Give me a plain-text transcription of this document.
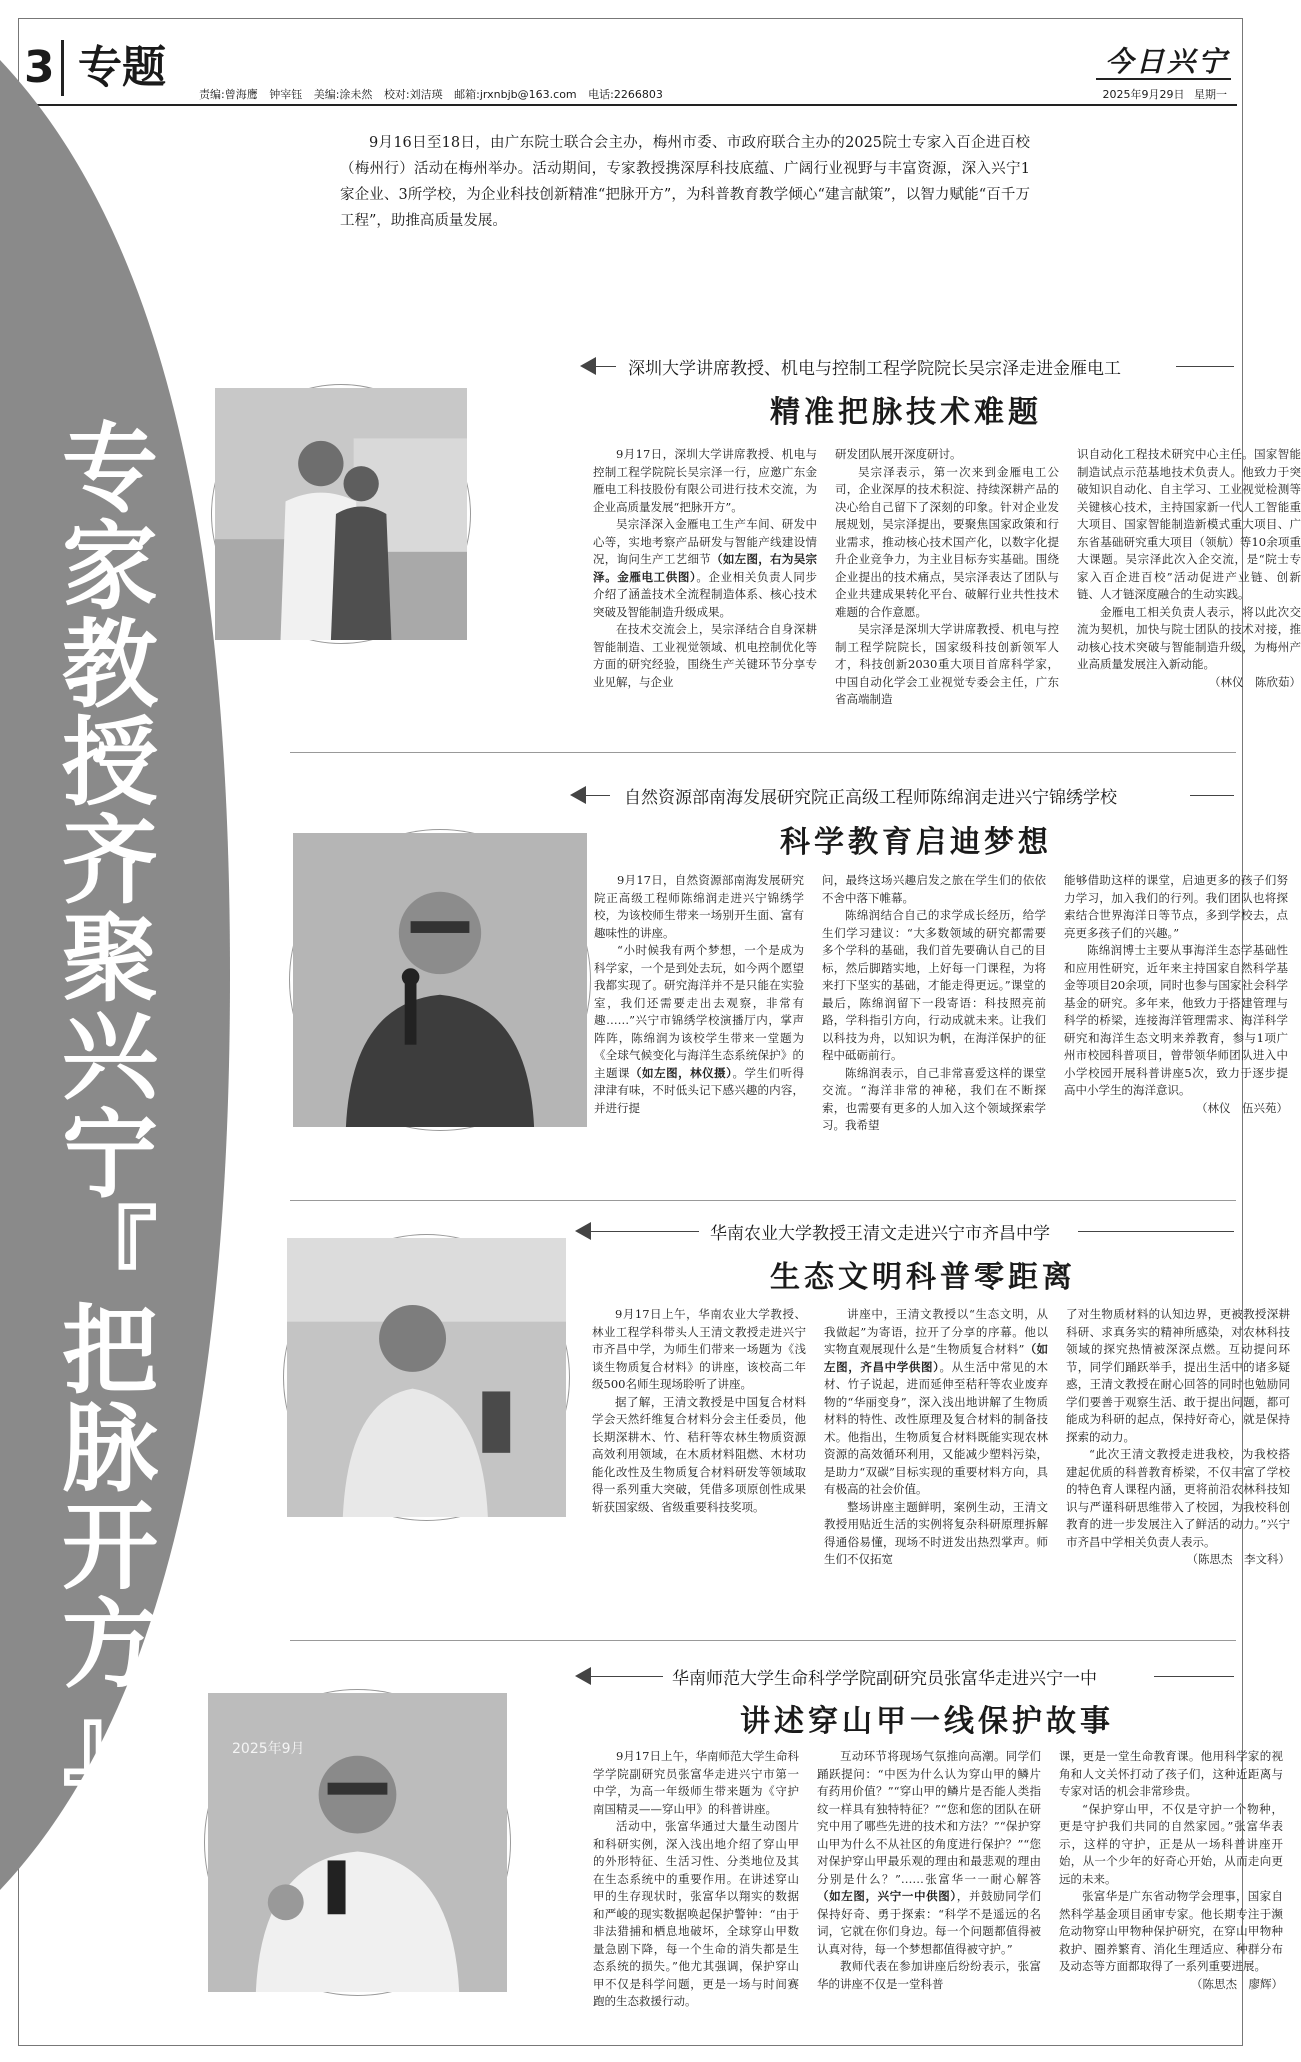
3 专题
责编:曾海鹰 钟宰钰 美编:涂未然 校对:刘洁瑛 邮箱:jrxnbjb@163.com 电话:2266803
今日兴宁
2025年9月29日 星期一
专
家
教
授
齐
聚
兴
宁
『
把
脉
开
方
』

9月16日至18日，由广东院士联合会主办，梅州市委、市政府联合主办的2025院士专家入百企进百校（梅州行）活动在梅州举办。活动期间，专家教授携深厚科技底蕴、广阔行业视野与丰富资源，深入兴宁1家企业、3所学校，为企业科技创新精准“把脉开方”，为科普教育教学倾心“建言献策”，以智力赋能“百千万工程”，助推高质量发展。

深圳大学讲席教授、机电与控制工程学院院长吴宗泽走进金雁电工
精准把脉技术难题

9月17日，深圳大学讲席教授、机电与控制工程学院院长吴宗泽一行，应邀广东金雁电工科技股份有限公司进行技术交流，为企业高质量发展“把脉开方”。

吴宗泽深入金雁电工生产车间、研发中心等，实地考察产品研发与智能产线建设情况，询问生产工艺细节（如左图，右为吴宗泽。金雁电工供图）。企业相关负责人同步介绍了涵盖技术全流程制造体系、核心技术突破及智能制造升级成果。

在技术交流会上，吴宗泽结合自身深耕智能制造、工业视觉领域、机电控制优化等方面的研究经验，围绕生产关键环节分享专业见解，与企业

研发团队展开深度研讨。

吴宗泽表示，第一次来到金雁电工公司，企业深厚的技术积淀、持续深耕产品的决心给自己留下了深刻的印象。针对企业发展规划，吴宗泽提出，要聚焦国家政策和行业需求，推动核心技术国产化，以数字化提升企业竞争力，为主业目标夯实基础。围绕企业提出的技术痛点，吴宗泽表达了团队与企业共建成果转化平台、破解行业共性技术难题的合作意愿。

吴宗泽是深圳大学讲席教授、机电与控制工程学院院长，国家级科技创新领军人才，科技创新2030重大项目首席科学家，中国自动化学会工业视觉专委会主任，广东省高端制造

识自动化工程技术研究中心主任。国家智能制造试点示范基地技术负责人。他致力于突破知识自动化、自主学习、工业视觉检测等关键核心技术，主持国家新一代人工智能重大项目、国家智能制造新模式重大项目、广东省基础研究重大项目（领航）等10余项重大课题。吴宗泽此次入企交流，是“院士专家入百企进百校”活动促进产业链、创新链、人才链深度融合的生动实践。

金雁电工相关负责人表示，将以此次交流为契机，加快与院士团队的技术对接，推动核心技术突破与智能制造升级，为梅州产业高质量发展注入新动能。

（林仪　陈欣茹）
自然资源部南海发展研究院正高级工程师陈绵润走进兴宁锦绣学校
科学教育启迪梦想

9月17日，自然资源部南海发展研究院正高级工程师陈绵润走进兴宁锦绣学校，为该校师生带来一场别开生面、富有趣味性的讲座。

“小时候我有两个梦想，一个是成为科学家，一个是到处去玩，如今两个愿望我都实现了。研究海洋并不是只能在实验室，我们还需要走出去观察，非常有趣……”兴宁市锦绣学校演播厅内，掌声阵阵，陈绵润为该校学生带来一堂题为《全球气候变化与海洋生态系统保护》的主题课（如左图，林仪摄）。学生们听得津津有味，不时低头记下感兴趣的内容，并进行提

问，最终这场兴趣启发之旅在学生们的依依不舍中落下帷幕。

陈绵润结合自己的求学成长经历，给学生们学习建议：“大多数领域的研究都需要多个学科的基础，我们首先要确认自己的目标，然后脚踏实地，上好每一门课程，为将来打下坚实的基础，才能走得更远。”课堂的最后，陈绵润留下一段寄语：科技照亮前路，学科指引方向，行动成就未来。让我们以科技为舟，以知识为帆，在海洋保护的征程中砥砺前行。

陈绵润表示，自己非常喜爱这样的课堂交流。“海洋非常的神秘，我们在不断探索，也需要有更多的人加入这个领域探索学习。我希望

能够借助这样的课堂，启迪更多的孩子们努力学习，加入我们的行列。我们团队也将探索结合世界海洋日等节点，多到学校去，点亮更多孩子们的兴趣。”

陈绵润博士主要从事海洋生态学基础性和应用性研究，近年来主持国家自然科学基金等项目20余项，同时也参与国家社会科学基金的研究。多年来，他致力于搭建管理与科学的桥梁，连接海洋管理需求、海洋科学研究和海洋生态文明来养教育，参与1项广州市校园科普项目，曾带领华师团队进入中小学校园开展科普讲座5次，致力于逐步提高中小学生的海洋意识。

（林仪　伍兴苑）
华南农业大学教授王清文走进兴宁市齐昌中学
生态文明科普零距离

9月17日上午，华南农业大学教授、林业工程学科带头人王清文教授走进兴宁市齐昌中学，为师生们带来一场题为《浅谈生物质复合材料》的讲座，该校高二年级500名师生现场聆听了讲座。

据了解，王清文教授是中国复合材料学会天然纤维复合材料分会主任委员，他长期深耕木、竹、秸秆等农林生物质资源高效利用领域，在木质材料阻燃、木材功能化改性及生物质复合材料研发等领域取得一系列重大突破，凭借多项原创性成果斩获国家级、省级重要科技奖项。

讲座中，王清文教授以“生态文明，从我做起”为寄语，拉开了分享的序幕。他以实物直观展现什么是“生物质复合材料”（如左图，齐昌中学供图）。从生活中常见的木材、竹子说起，进而延伸至秸秆等农业废弃物的“华丽变身”，深入浅出地讲解了生物质材料的特性、改性原理及复合材料的制备技术。他指出，生物质复合材料既能实现农林资源的高效循环利用，又能减少塑料污染，是助力“双碳”目标实现的重要材料方向，具有极高的社会价值。

整场讲座主题鲜明，案例生动，王清文教授用贴近生活的实例将复杂科研原理拆解得通俗易懂，现场不时迸发出热烈掌声。师生们不仅拓宽

了对生物质材料的认知边界，更被教授深耕科研、求真务实的精神所感染，对农林科技领域的探究热情被深深点燃。互动提问环节，同学们踊跃举手，提出生活中的诸多疑惑，王清文教授在耐心回答的同时也勉励同学们要善于观察生活、敢于提出问题，都可能成为科研的起点，保持好奇心，就是保持探索的动力。

“此次王清文教授走进我校，为我校搭建起优质的科普教育桥梁，不仅丰富了学校的特色育人课程内涵，更将前沿农林科技知识与严谨科研思维带入了校园，为我校科创教育的进一步发展注入了鲜活的动力。”兴宁市齐昌中学相关负责人表示。

（陈思杰　李文科）
2025年9月
华南师范大学生命科学学院副研究员张富华走进兴宁一中
讲述穿山甲一线保护故事

9月17日上午，华南师范大学生命科学学院副研究员张富华走进兴宁市第一中学，为高一年级师生带来题为《守护南国精灵——穿山甲》的科普讲座。

活动中，张富华通过大量生动图片和科研实例，深入浅出地介绍了穿山甲的外形特征、生活习性、分类地位及其在生态系统中的重要作用。在讲述穿山甲的生存现状时，张富华以翔实的数据和严峻的现实数据唤起保护警钟：“由于非法猎捕和栖息地破坏，全球穿山甲数量急剧下降，每一个生命的消失都是生态系统的损失。”他尤其强调，保护穿山甲不仅是科学问题，更是一场与时间赛跑的生态救援行动。

互动环节将现场气氛推向高潮。同学们踊跃提问：“中医为什么认为穿山甲的鳞片有药用价值？”“穿山甲的鳞片是否能人类指纹一样具有独特特征？”“您和您的团队在研究中用了哪些先进的技术和方法？”“保护穿山甲为什么不从社区的角度进行保护？”“您对保护穿山甲最乐观的理由和最悲观的理由分别是什么？”……张富华一一耐心解答（如左图，兴宁一中供图），并鼓励同学们保持好奇、勇于探索：“科学不是遥远的名词，它就在你们身边。每一个问题都值得被认真对待，每一个梦想都值得被守护。”

教师代表在参加讲座后纷纷表示，张富华的讲座不仅是一堂科普

课，更是一堂生命教育课。他用科学家的视角和人文关怀打动了孩子们，这种近距离与专家对话的机会非常珍贵。

“保护穿山甲，不仅是守护一个物种，更是守护我们共同的自然家园。”张富华表示，这样的守护，正是从一场科普讲座开始，从一个少年的好奇心开始，从而走向更远的未来。

张富华是广东省动物学会理事，国家自然科学基金项目函审专家。他长期专注于濒危动物穿山甲物种保护研究，在穿山甲物种救护、圈养繁育、消化生理适应、种群分布及动态等方面都取得了一系列重要进展。

（陈思杰　廖辉）
